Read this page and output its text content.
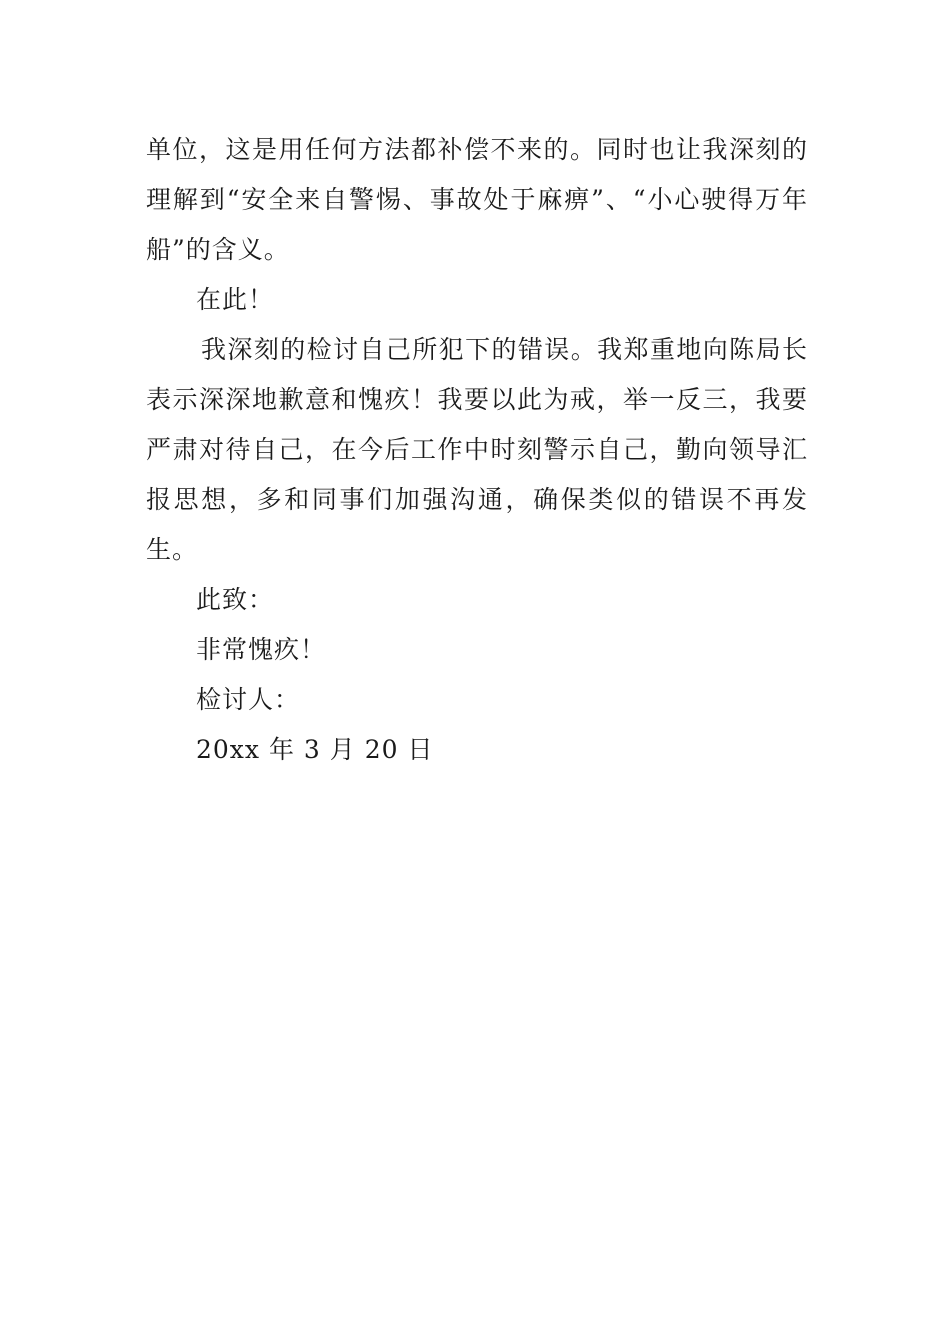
单位，这是用任何方法都补偿不来的。同时也让我深刻的理解到“安全来自警惕、事故处于麻痹”、“小心驶得万年船”的含义。

在此！

我深刻的检讨自己所犯下的错误。我郑重地向陈局长表示深深地歉意和愧疚！我要以此为戒，举一反三，我要严肃对待自己，在今后工作中时刻警示自己，勤向领导汇报思想，多和同事们加强沟通，确保类似的错误不再发生。

此致：

非常愧疚！

检讨人：

20xx 年 3 月 20 日
